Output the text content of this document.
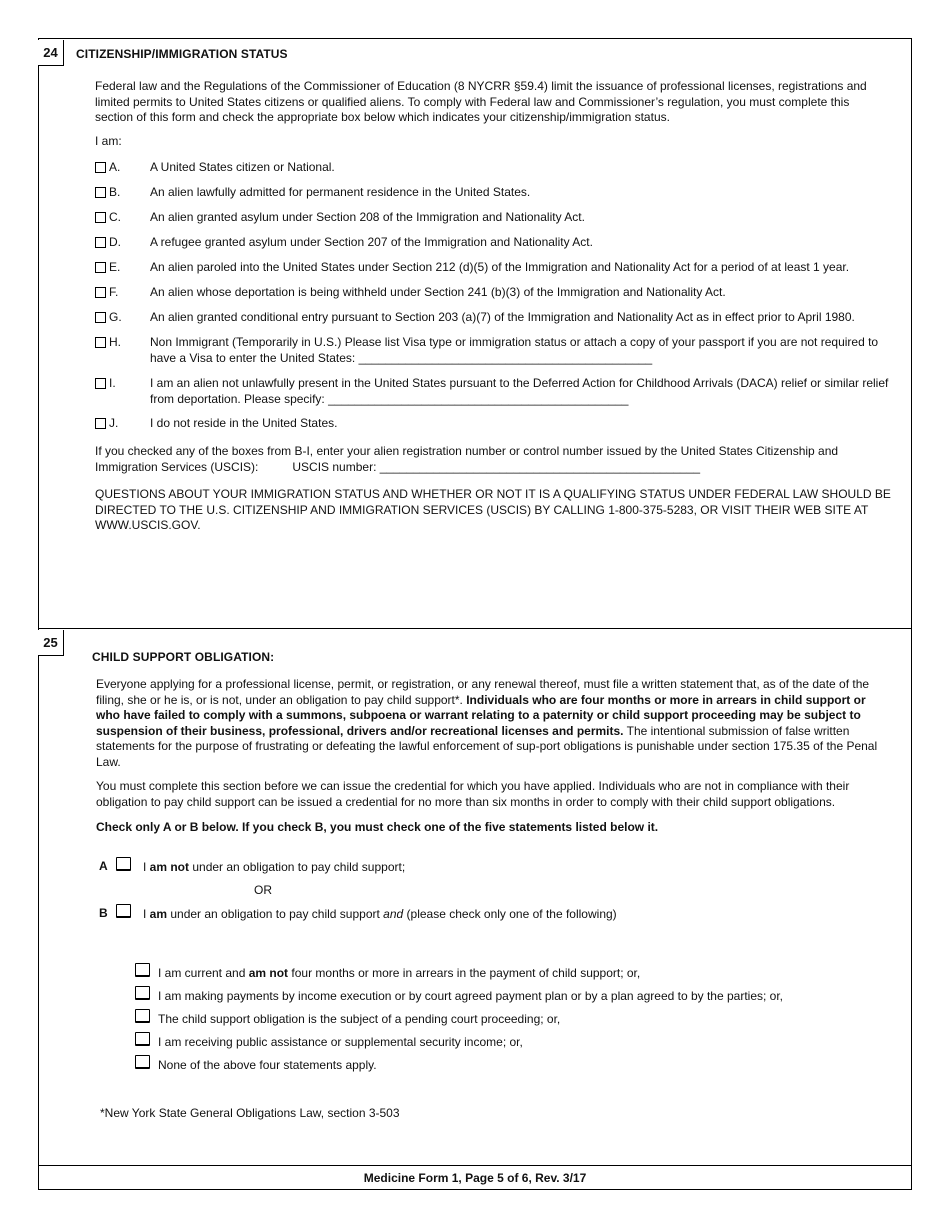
24	CITIZENSHIP/IMMIGRATION STATUS
Federal law and the Regulations of the Commissioner of Education (8 NYCRR §59.4) limit the issuance of professional licenses, registrations and limited permits to United States citizens or qualified aliens. To comply with Federal law and Commissioner’s regulation, you must complete this section of this form and check the appropriate box below which indicates your citizenship/immigration status.
I am:
A. A United States citizen or National.
B. An alien lawfully admitted for permanent residence in the United States.
C. An alien granted asylum under Section 208 of the Immigration and Nationality Act.
D. A refugee granted asylum under Section 207 of the Immigration and Nationality Act.
E. An alien paroled into the United States under Section 212 (d)(5) of the Immigration and Nationality Act for a period of at least 1 year.
F.	An alien whose deportation is being withheld under Section 241 (b)(3) of the Immigration and Nationality Act.
G. An alien granted conditional entry pursuant to Section 203 (a)(7) of the Immigration and Nationality Act as in effect prior to April 1980.
H. Non Immigrant (Temporarily in U.S.) Please list Visa type or immigration status or attach a copy of your passport if you are not required to have a Visa to enter the United States: ____________________________________________
I.	I am an alien not unlawfully present in the United States pursuant to the Deferred Action for Childhood Arrivals (DACA) relief or similar relief from deportation. Please specify: _____________________________________________
J.	I do not reside in the United States.
If you checked any of the boxes from B-I, enter your alien registration number or control number issued by the United States Citizenship and Immigration Services (USCIS):	USCIS number: ________________________________________________
QUESTIONS ABOUT YOUR IMMIGRATION STATUS AND WHETHER OR NOT IT IS A QUALIFYING STATUS UNDER FEDERAL LAW SHOULD BE DIRECTED TO THE U.S. CITIZENSHIP AND IMMIGRATION SERVICES (USCIS) BY CALLING 1-800-375-5283, OR VISIT THEIR WEB SITE AT WWW.USCIS.GOV.
25
CHILD SUPPORT OBLIGATION:
Everyone applying for a professional license, permit, or registration, or any renewal thereof, must file a written statement that, as of the date of the filing, she or he is, or is not, under an obligation to pay child support*. Individuals who are four months or more in arrears in child support or who have failed to comply with a summons, subpoena or warrant relating to a paternity or child support proceeding may be subject to suspension of their business, professional, drivers and/or recreational licenses and permits. The intentional submission of false written statements for the purpose of frustrating or defeating the lawful enforcement of sup-port obligations is punishable under section 175.35 of the Penal Law.
You must complete this section before we can issue the credential for which you have applied. Individuals who are not in compliance with their obligation to pay child support can be issued a credential for no more than six months in order to comply with their child support obligations.
Check only A or B below. If you check B, you must check one of the five statements listed below it.
A	I am not under an obligation to pay child support;
OR
B	I am under an obligation to pay child support and (please check only one of the following)
I am current and am not four months or more in arrears in the payment of child support; or,
I am making payments by income execution or by court agreed payment plan or by a plan agreed to by the parties; or,
The child support obligation is the subject of a pending court proceeding; or,
I am receiving public assistance or supplemental security income; or,
None of the above four statements apply.
*New York State General Obligations Law, section 3-503
Medicine Form 1, Page 5 of 6, Rev. 3/17
